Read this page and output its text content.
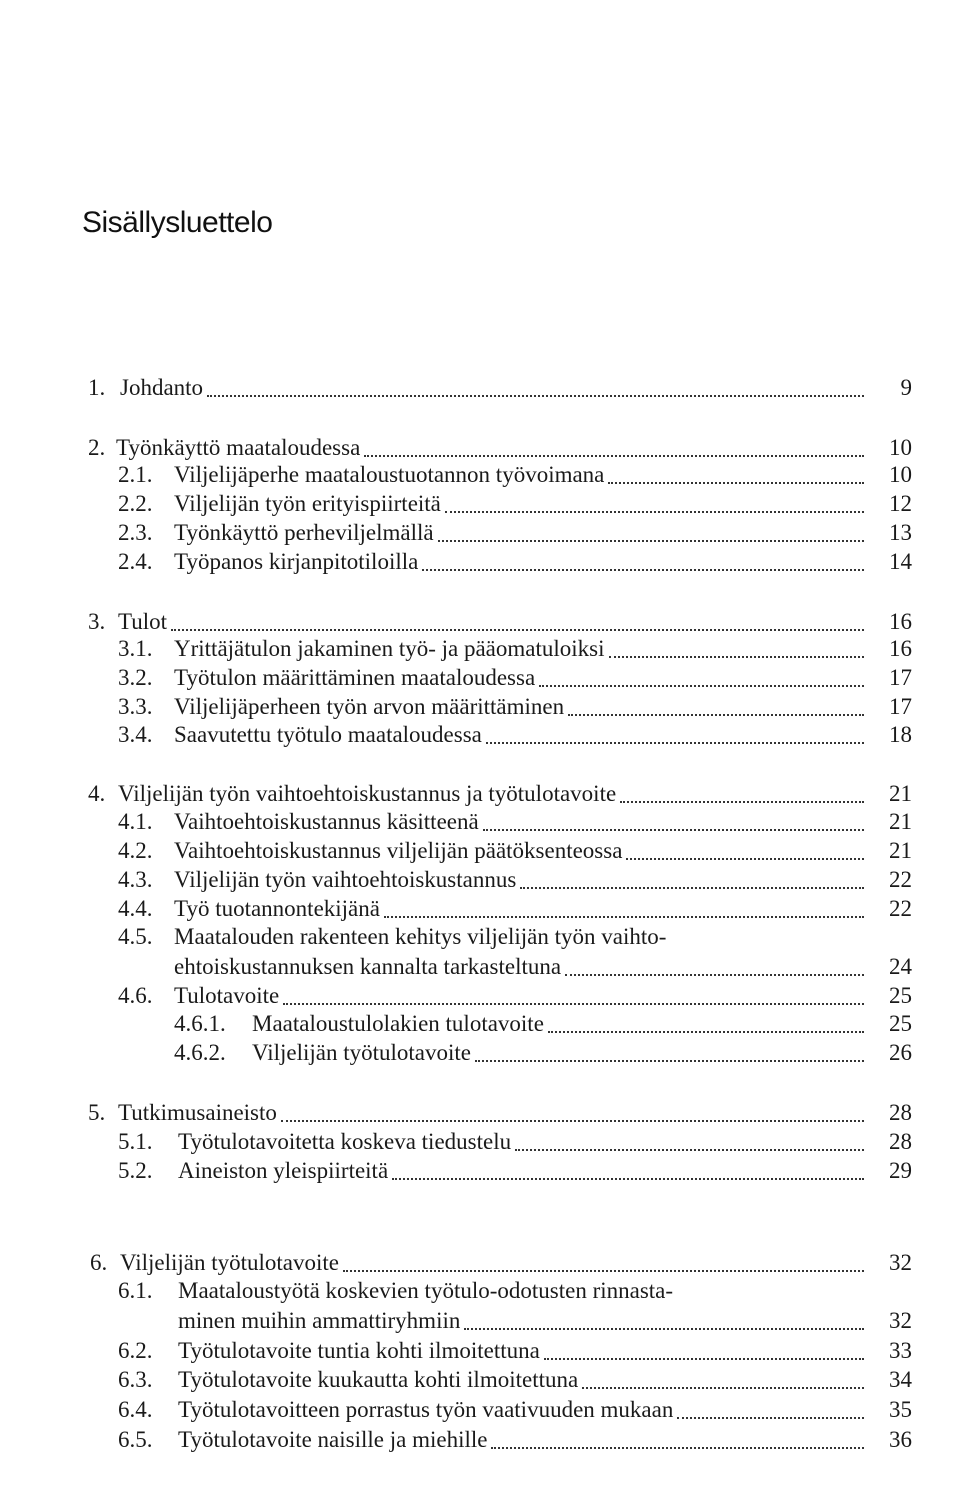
Sisällysluettelo
1. Johdanto	9
2. Työnkäyttö maataloudessa	10
2.1. Viljelijäperhe maataloustuotannon työvoimana	10
2.2. Viljelijän työn erityispiirteitä	12
2.3. Työnkäyttö perheviljelmällä	13
2.4. Työpanos kirjanpitotiloilla	14
3. Tulot	16
3.1. Yrittäjätulon jakaminen työ- ja pääomatuloiksi	16
3.2. Työtulon määrittäminen maataloudessa	17
3.3. Viljelijäperheen työn arvon määrittäminen	17
3.4. Saavutettu työtulo maataloudessa	18
4. Viljelijän työn vaihtoehtoiskustannus ja työtulotavoite	21
4.1. Vaihtoehtoiskustannus käsitteenä	21
4.2. Vaihtoehtoiskustannus viljelijän päätöksenteossa	21
4.3. Viljelijän työn vaihtoehtoiskustannus	22
4.4. Työ tuotannontekijänä	22
4.5. Maatalouden rakenteen kehitys viljelijän työn vaihto-
ehtoiskustannuksen kannalta tarkasteltuna	24
4.6. Tulotavoite	25
4.6.1. Maataloustulolakien tulotavoite	25
4.6.2. Viljelijän työtulotavoite	26
5. Tutkimusaineisto	28
5.1. Työtulotavoitetta koskeva tiedustelu	28
5.2. Aineiston yleispiirteitä	29
6. Viljelijän työtulotavoite	32
6.1. Maataloustyötä koskevien työtulo-odotusten rinnasta-
minen muihin ammattiryhmiin	32
6.2. Työtulotavoite tuntia kohti ilmoitettuna	33
6.3. Työtulotavoite kuukautta kohti ilmoitettuna	34
6.4. Työtulotavoitteen porrastus työn vaativuuden mukaan	35
6.5. Työtulotavoite naisille ja miehille	36
